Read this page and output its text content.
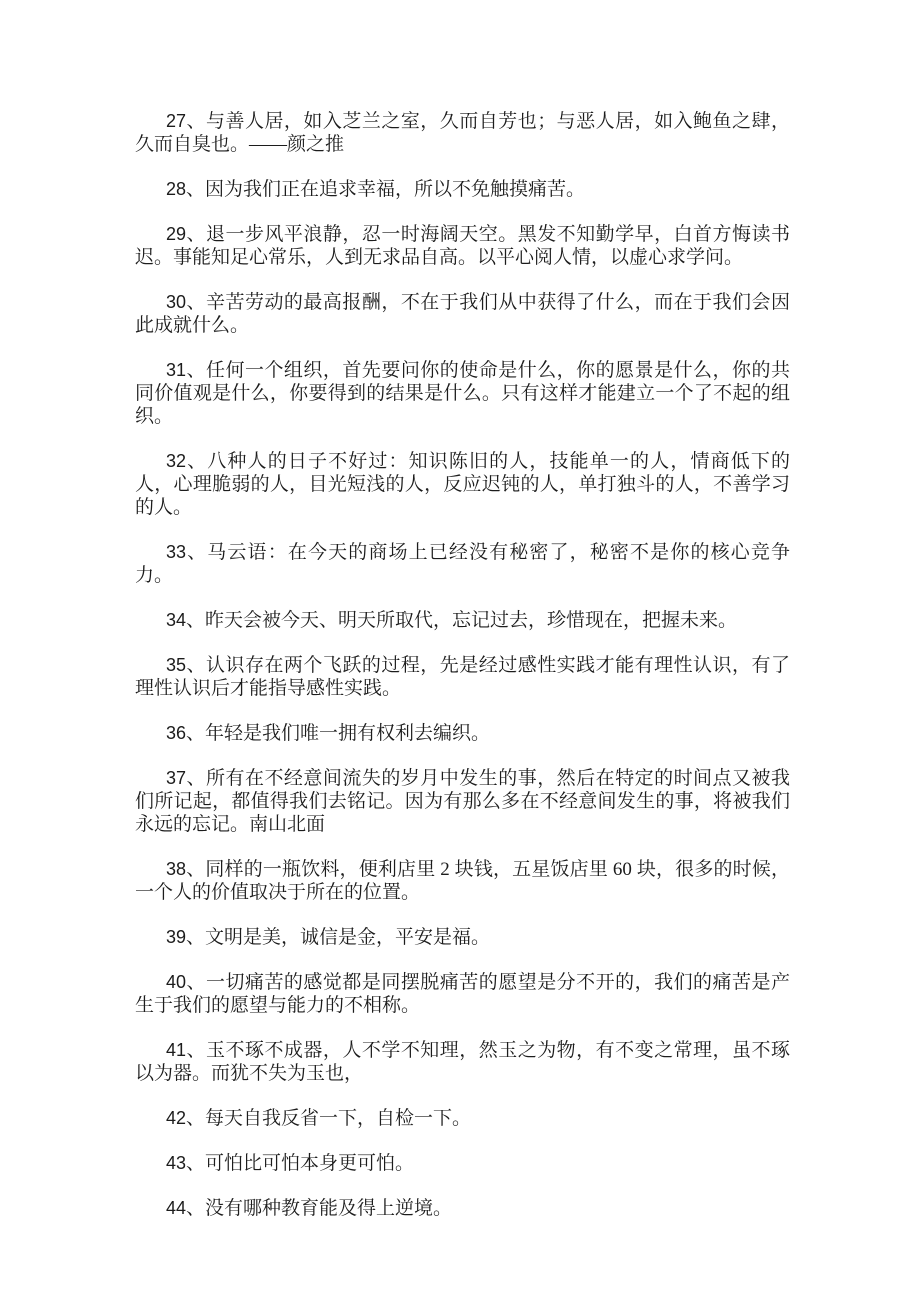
27、与善人居，如入芝兰之室，久而自芳也；与恶人居，如入鲍鱼之肆，久而自臭也。——颜之推

28、因为我们正在追求幸福，所以不免触摸痛苦。

29、退一步风平浪静，忍一时海阔天空。黑发不知勤学早，白首方悔读书迟。事能知足心常乐，人到无求品自高。以平心阅人情，以虚心求学问。

30、辛苦劳动的最高报酬，不在于我们从中获得了什么，而在于我们会因此成就什么。

31、任何一个组织，首先要问你的使命是什么，你的愿景是什么，你的共同价值观是什么，你要得到的结果是什么。只有这样才能建立一个了不起的组织。

32、八种人的日子不好过：知识陈旧的人，技能单一的人，情商低下的人，心理脆弱的人，目光短浅的人，反应迟钝的人，单打独斗的人，不善学习的人。

33、马云语：在今天的商场上已经没有秘密了，秘密不是你的核心竞争力。

34、昨天会被今天、明天所取代，忘记过去，珍惜现在，把握未来。

35、认识存在两个飞跃的过程，先是经过感性实践才能有理性认识，有了理性认识后才能指导感性实践。

36、年轻是我们唯一拥有权利去编织。

37、所有在不经意间流失的岁月中发生的事，然后在特定的时间点又被我们所记起，都值得我们去铭记。因为有那么多在不经意间发生的事，将被我们永远的忘记。南山北面

38、同样的一瓶饮料，便利店里 2 块钱，五星饭店里 60 块，很多的时候，一个人的价值取决于所在的位置。

39、文明是美，诚信是金，平安是福。

40、一切痛苦的感觉都是同摆脱痛苦的愿望是分不开的，我们的痛苦是产生于我们的愿望与能力的不相称。

41、玉不琢不成器，人不学不知理，然玉之为物，有不变之常理，虽不琢以为器。而犹不失为玉也，

42、每天自我反省一下，自检一下。

43、可怕比可怕本身更可怕。

44、没有哪种教育能及得上逆境。
